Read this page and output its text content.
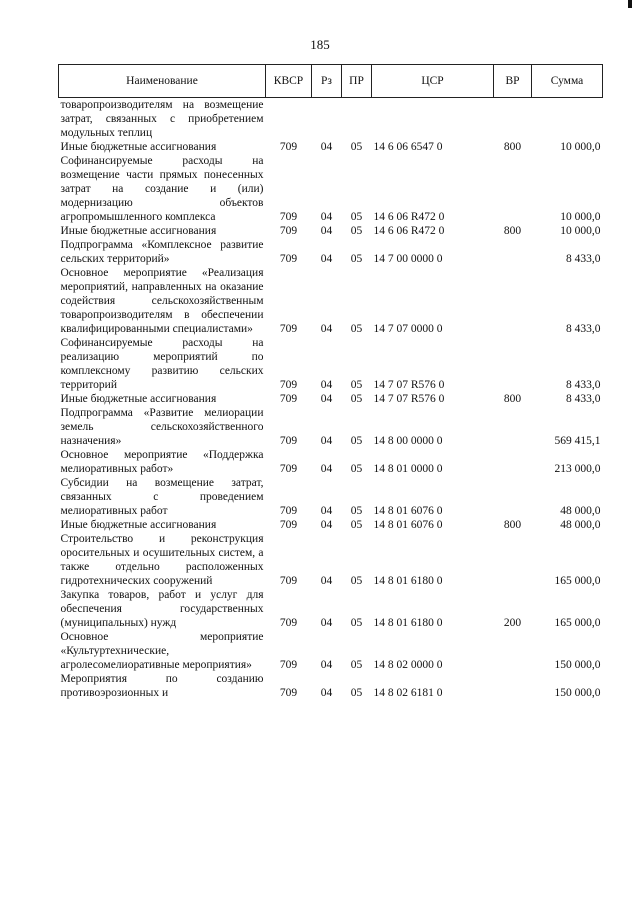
185
Наименование	КВСР	Рз	ПР	ЦСР	ВР	Сумма
товаропроизводителям на возмещение затрат, связанных с приобретением модульных теплиц						
Иные бюджетные ассигнования	709	04	05	14 6 06 6547 0	800	10 000,0
Софинансируемые расходы на возмещение части прямых понесенных затрат на создание и (или) модернизацию объектов агропромышленного комплекса	709	04	05	14 6 06 R472 0		10 000,0
Иные бюджетные ассигнования	709	04	05	14 6 06 R472 0	800	10 000,0
Подпрограмма «Комплексное развитие сельских территорий»	709	04	05	14 7 00 0000 0		8 433,0
Основное мероприятие «Реализация мероприятий, направленных на оказание содействия сельскохозяйственным товаропроизводителям в обеспечении квалифицированными специалистами»	709	04	05	14 7 07 0000 0		8 433,0
Софинансируемые расходы на реализацию мероприятий по комплексному развитию сельских территорий	709	04	05	14 7 07 R576 0		8 433,0
Иные бюджетные ассигнования	709	04	05	14 7 07 R576 0	800	8 433,0
Подпрограмма «Развитие мелиорации земель сельскохозяйственного назначения»	709	04	05	14 8 00 0000 0		569 415,1
Основное мероприятие «Поддержка мелиоративных работ»	709	04	05	14 8 01 0000 0		213 000,0
Субсидии на возмещение затрат, связанных с проведением мелиоративных работ	709	04	05	14 8 01 6076 0		48 000,0
Иные бюджетные ассигнования	709	04	05	14 8 01 6076 0	800	48 000,0
Строительство и реконструкция оросительных и осушительных систем, а также отдельно расположенных гидротехнических сооружений	709	04	05	14 8 01 6180 0		165 000,0
Закупка товаров, работ и услуг для обеспечения государственных (муниципальных) нужд	709	04	05	14 8 01 6180 0	200	165 000,0
Основное мероприятие «Культуртехнические, агролесомелиоративные мероприятия»	709	04	05	14 8 02 0000 0		150 000,0
Мероприятия по созданию противоэрозионных и	709	04	05	14 8 02 6181 0		150 000,0
